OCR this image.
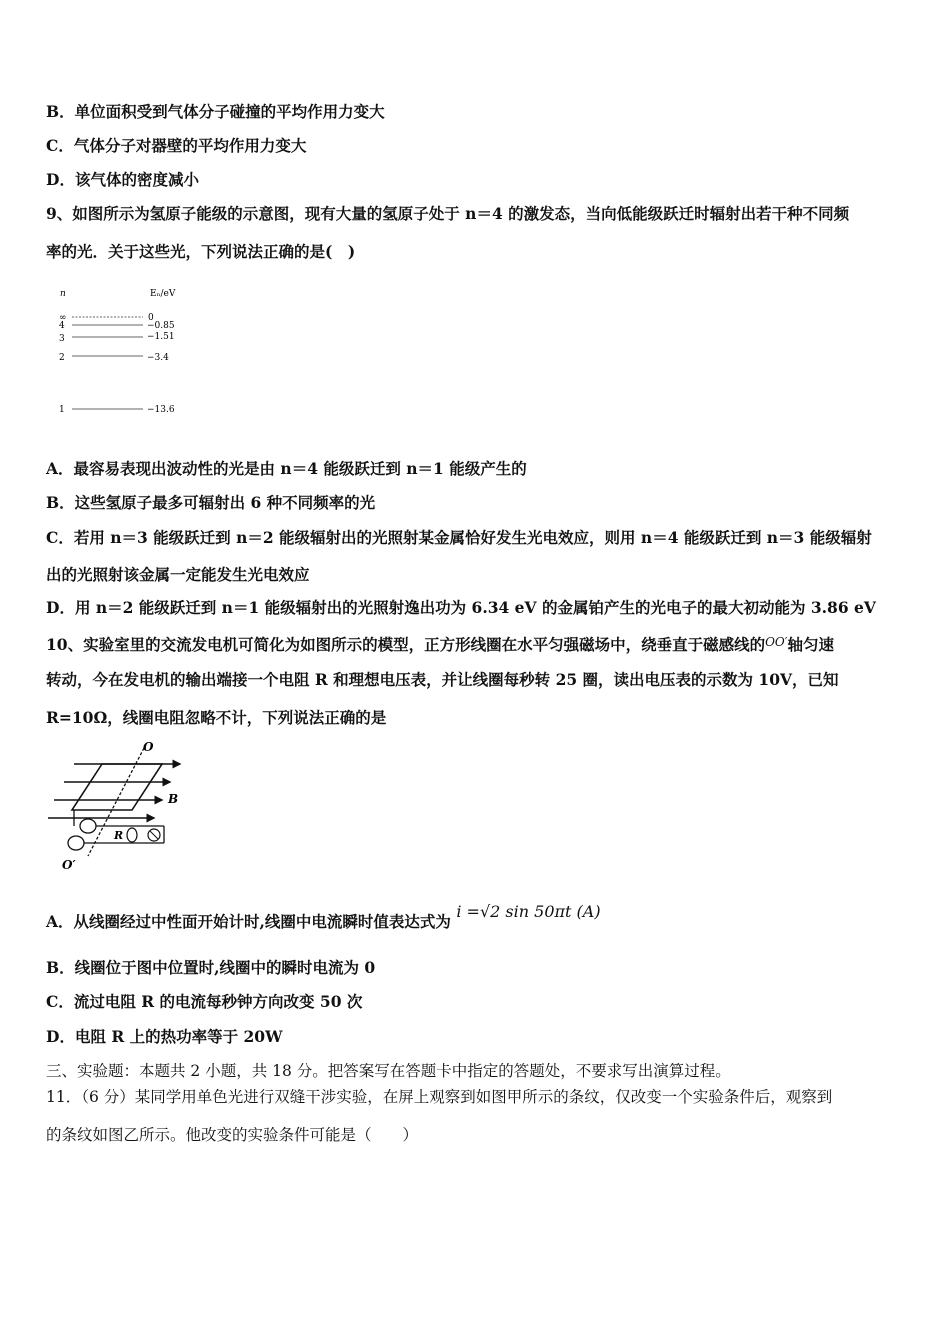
B．单位面积受到气体分子碰撞的平均作用力变大
C．气体分子对器壁的平均作用力变大
D．该气体的密度减小
9、如图所示为氢原子能级的示意图，现有大量的氢原子处于 n＝4 的激发态，当向低能级跃迁时辐射出若干种不同频
率的光．关于这些光，下列说法正确的是(　)
n	Eₙ/eV
∞	0
4	−0.85
3	−1.51
2	−3.4
1	−13.6
A．最容易表现出波动性的光是由 n＝4 能级跃迁到 n＝1 能级产生的
B．这些氢原子最多可辐射出 6 种不同频率的光
C．若用 n＝3 能级跃迁到 n＝2 能级辐射出的光照射某金属恰好发生光电效应，则用 n＝4 能级跃迁到 n＝3 能级辐射
出的光照射该金属一定能发生光电效应
D．用 n＝2 能级跃迁到 n＝1 能级辐射出的光照射逸出功为 6.34 eV 的金属铂产生的光电子的最大初动能为 3.86 eV
10、实验室里的交流发电机可简化为如图所示的模型，正方形线圈在水平匀强磁场中，绕垂直于磁感线的$^{OO'}$轴匀速
转动，今在发电机的输出端接一个电阻 R 和理想电压表，并让线圈每秒转 25 圈，读出电压表的示数为 10V，已知
R=10Ω，线圈电阻忽略不计，下列说法正确的是
O
B
R
O′
A．从线圈经过中性面开始计时,线圈中电流瞬时值表达式为 i =√2 sin 50πt (A)
B．线圈位于图中位置时,线圈中的瞬时电流为 0
C．流过电阻 R 的电流每秒钟方向改变 50 次
D．电阻 R 上的热功率等于 20W
三、实验题：本题共 2 小题，共 18 分。把答案写在答题卡中指定的答题处，不要求写出演算过程。
11．（6 分）某同学用单色光进行双缝干涉实验，在屏上观察到如图甲所示的条纹，仅改变一个实验条件后，观察到
的条纹如图乙所示。他改变的实验条件可能是（　　）
